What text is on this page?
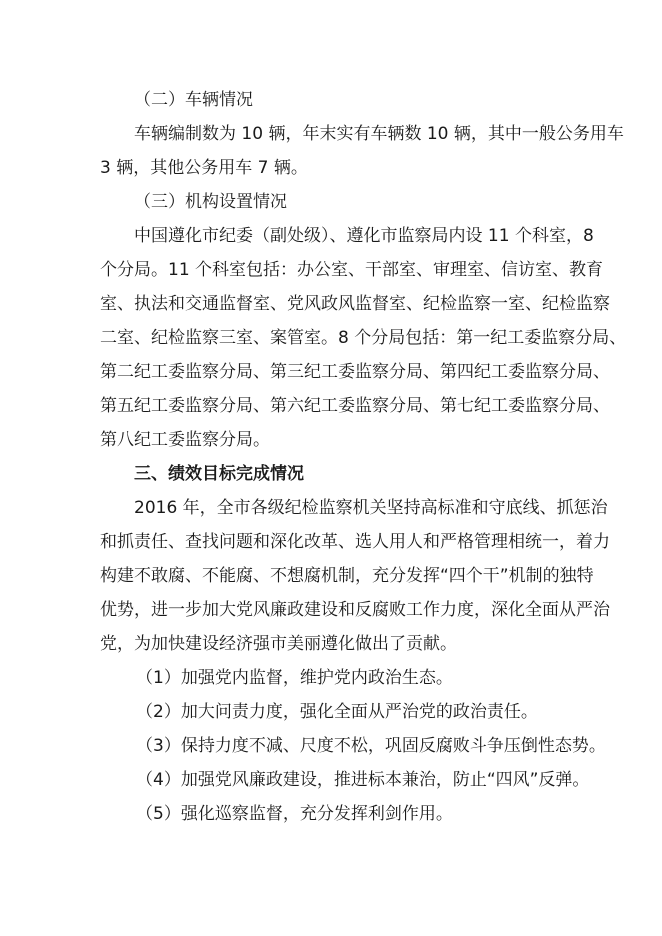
（二）车辆情况
车辆编制数为 10 辆，年末实有车辆数 10 辆，其中一般公务用车
3 辆，其他公务用车 7 辆。
（三）机构设置情况
中国遵化市纪委（副处级）、遵化市监察局内设 11 个科室，8
个分局。11 个科室包括：办公室、干部室、审理室、信访室、教育
室、执法和交通监督室、党风政风监督室、纪检监察一室、纪检监察
二室、纪检监察三室、案管室。8 个分局包括：第一纪工委监察分局、
第二纪工委监察分局、第三纪工委监察分局、第四纪工委监察分局、
第五纪工委监察分局、第六纪工委监察分局、第七纪工委监察分局、
第八纪工委监察分局。
三、绩效目标完成情况
2016 年，全市各级纪检监察机关坚持高标准和守底线、抓惩治
和抓责任、查找问题和深化改革、选人用人和严格管理相统一，着力
构建不敢腐、不能腐、不想腐机制，充分发挥“四个干”机制的独特
优势，进一步加大党风廉政建设和反腐败工作力度，深化全面从严治
党，为加快建设经济强市美丽遵化做出了贡献。
（1）加强党内监督，维护党内政治生态。
（2）加大问责力度，强化全面从严治党的政治责任。
（3）保持力度不减、尺度不松，巩固反腐败斗争压倒性态势。
（4）加强党风廉政建设，推进标本兼治，防止“四风”反弹。
（5）强化巡察监督，充分发挥利剑作用。
